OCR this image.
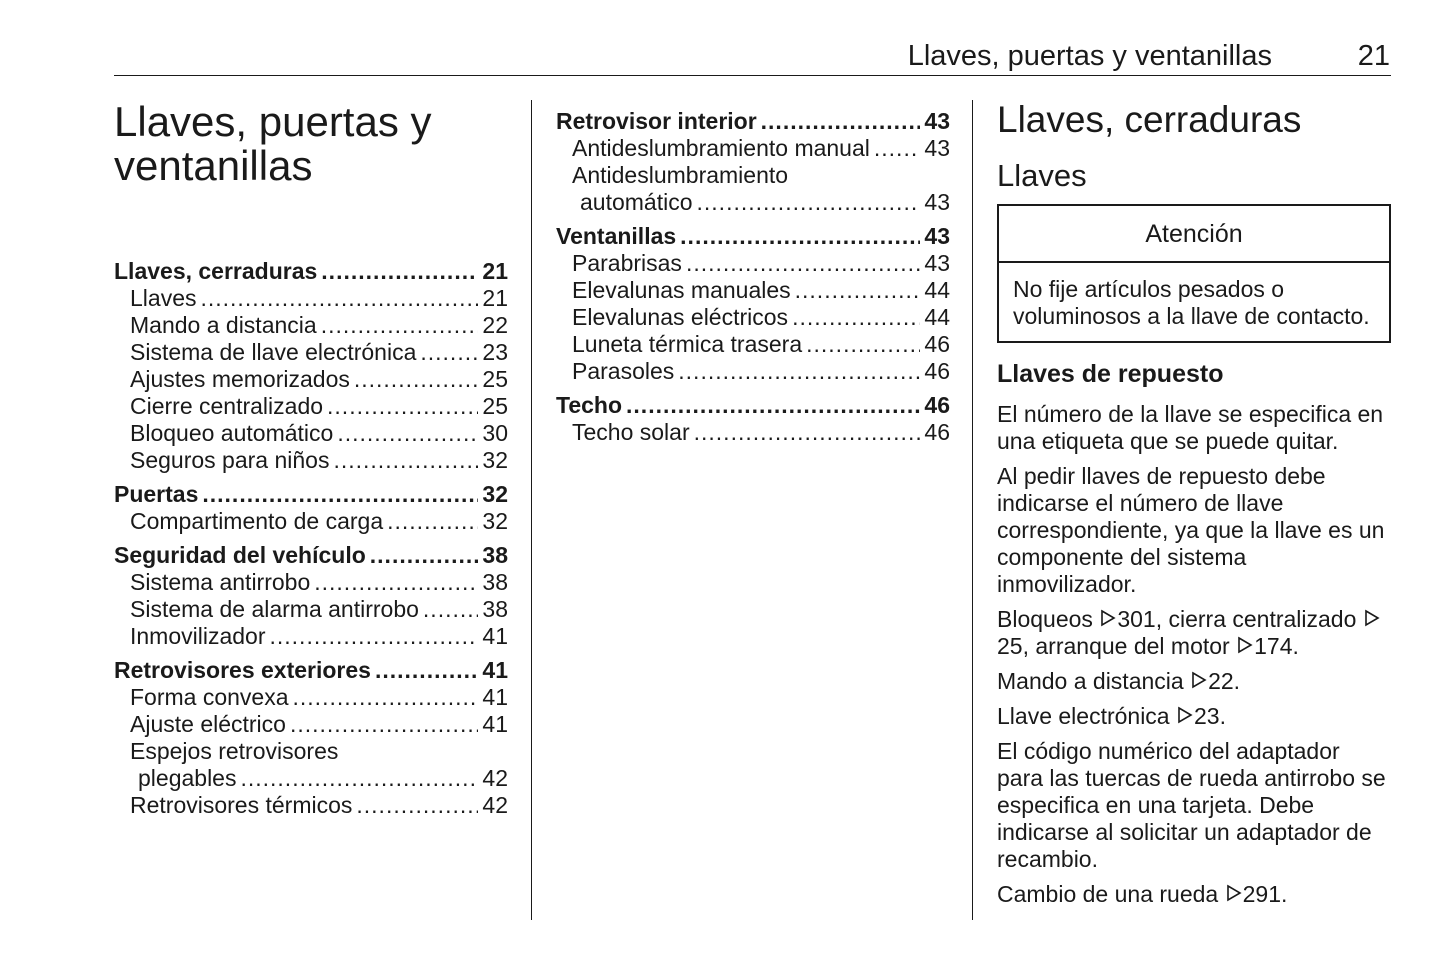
Llaves, puertas y ventanillas	21
Llaves, puertas y ventanillas
Llaves, cerraduras .....	21
Llaves .....	21
Mando a distancia .....	22
Sistema de llave electrónica .....	23
Ajustes memorizados .....	25
Cierre centralizado .....	25
Bloqueo automático .....	30
Seguros para niños .....	32
Puertas .....	32
Compartimento de carga .....	32
Seguridad del vehículo .....	38
Sistema antirrobo .....	38
Sistema de alarma antirrobo .....	38
Inmovilizador .....	41
Retrovisores exteriores .....	41
Forma convexa .....	41
Ajuste eléctrico .....	41
Espejos retrovisores
plegables .....	42
Retrovisores térmicos .....	42
Retrovisor interior .....	43
Antideslumbramiento manual ..... 43
Antideslumbramiento
automático .....	43
Ventanillas .....	43
Parabrisas .....	43
Elevalunas manuales .....	44
Elevalunas eléctricos .....	44
Luneta térmica trasera .....	46
Parasoles .....	46
Techo .....	46
Techo solar .....	46
Llaves, cerraduras
Llaves
Atención
No fije artículos pesados o voluminosos a la llave de contacto.
Llaves de repuesto

El número de la llave se especifica en una etiqueta que se puede quitar.

Al pedir llaves de repuesto debe indicarse el número de llave correspondiente, ya que la llave es un componente del sistema inmovilizador.

Bloqueos 301, cierra centralizado 25, arranque del motor 174.

Mando a distancia 22.

Llave electrónica 23.

El código numérico del adaptador para las tuercas de rueda antirrobo se especifica en una tarjeta. Debe indicarse al solicitar un adaptador de recambio.

Cambio de una rueda 291.
